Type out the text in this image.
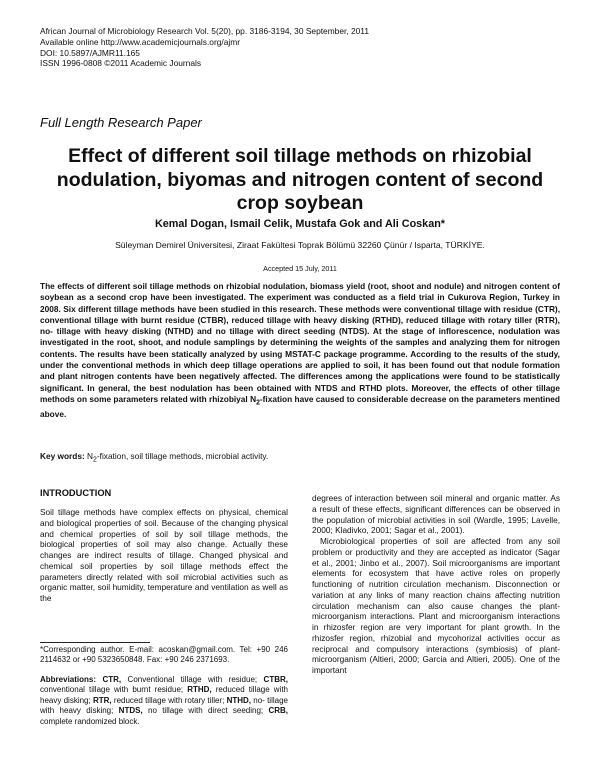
African Journal of Microbiology Research Vol. 5(20), pp. 3186-3194, 30 September, 2011
Available online http://www.academicjournals.org/ajmr
DOI: 10.5897/AJMR11.165
ISSN 1996-0808 ©2011 Academic Journals
Full Length Research Paper
Effect of different soil tillage methods on rhizobial nodulation, biyomas and nitrogen content of second crop soybean
Kemal Dogan, Ismail Celik, Mustafa Gok and Ali Coskan*
Süleyman Demirel Üniversitesi, Ziraat Fakültesi Toprak Bölümü 32260 Çünür / Isparta, TÜRKİYE.
Accepted 15 July, 2011
The effects of different soil tillage methods on rhizobial nodulation, biomass yield (root, shoot and nodule) and nitrogen content of soybean as a second crop have been investigated. The experiment was conducted as a field trial in Cukurova Region, Turkey in 2008. Six different tillage methods have been studied in this research. These methods were conventional tillage with residue (CTR), conventional tillage with burnt residue (CTBR), reduced tillage with heavy disking (RTHD), reduced tillage with rotary tiller (RTR), no- tillage with heavy disking (NTHD) and no tillage with direct seeding (NTDS). At the stage of inflorescence, nodulation was investigated in the root, shoot, and nodule samplings by determining the weights of the samples and analyzing them for nitrogen contents. The results have been statically analyzed by using MSTAT-C package programme. According to the results of the study, under the conventional methods in which deep tillage operations are applied to soil, it has been found out that nodule formation and plant nitrogen contents have been negatively affected. The differences among the applications were found to be statistically significant. In general, the best nodulation has been obtained with NTDS and RTHD plots. Moreover, the effects of other tillage methods on some parameters related with rhizobiyal $N_2$-fixation have caused to considerable decrease on the parameters mentined above.
Key words: $N_2$-fixation, soil tillage methods, microbial activity.
INTRODUCTION

Soil tillage methods have complex effects on physical, chemical and biological properties of soil. Because of the changing physical and chemical properties of soil by soil tillage methods, the biological properties of soil may also change. Actually these changes are indirect results of tillage. Changed physical and chemical soil properties by soil tillage methods effect the parameters directly related with soil microbial activities such as organic matter, soil humidity, temperature and ventilation as well as the

degrees of interaction between soil mineral and organic matter. As a result of these effects, significant differences can be observed in the population of microbial activities in soil (Wardle, 1995; Lavelle, 2000; Kladivko, 2001; Sagar et al., 2001).

Microbiological properties of soil are affected from any soil problem or productivity and they are accepted as indicator (Sagar et al., 2001; Jinbo et al., 2007). Soil microorganisms are important elements for ecosystem that have active roles on properly functioning of nutrition circulation mechanism. Disconnection or variation at any links of many reaction chains affecting nutrition circulation mechanism can also cause changes the plant-microorganism interactions. Plant and microorganism interactions in rhizosfer region are very important for plant growth. In the rhizosfer region, rhizobial and mycohorizal activities occur as reciprocal and compulsory interactions (symbiosis) of plant-microorganism (Altieri, 2000; Garcia and Altieri, 2005). One of the important

*Corresponding author. E-mail: acoskan@gmail.com. Tel: +90 246 2114632 or +90 5323650848. Fax: +90 246 2371693.
Abbreviations: CTR, Conventional tillage with residue; CTBR, conventional tillage with burnt residue; RTHD, reduced tillage with heavy disking; RTR, reduced tillage with rotary tiller; NTHD, no- tillage with heavy disking; NTDS, no tillage with direct seeding; CRB, complete randomized block.
